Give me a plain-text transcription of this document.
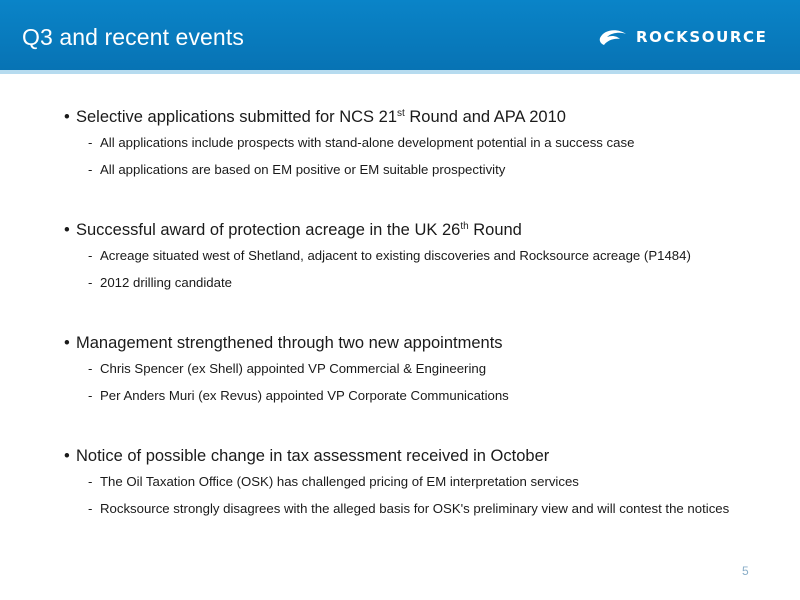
Q3 and recent events	ROCKSOURCE
• Selective applications submitted for NCS 21st Round and APA 2010
- All applications include prospects with stand-alone development potential in a success case
- All applications are based on EM positive or EM suitable prospectivity
• Successful award of protection acreage in the UK 26th Round
- Acreage situated west of Shetland, adjacent to existing discoveries and Rocksource acreage (P1484)
- 2012 drilling candidate
• Management strengthened through two new appointments
- Chris Spencer (ex Shell) appointed VP Commercial & Engineering
- Per Anders Muri (ex Revus) appointed VP Corporate Communications
• Notice of possible change in tax assessment received in October
- The Oil Taxation Office (OSK) has challenged pricing of EM interpretation services
- Rocksource strongly disagrees with the alleged basis for OSK's preliminary view and will contest the notices
5
